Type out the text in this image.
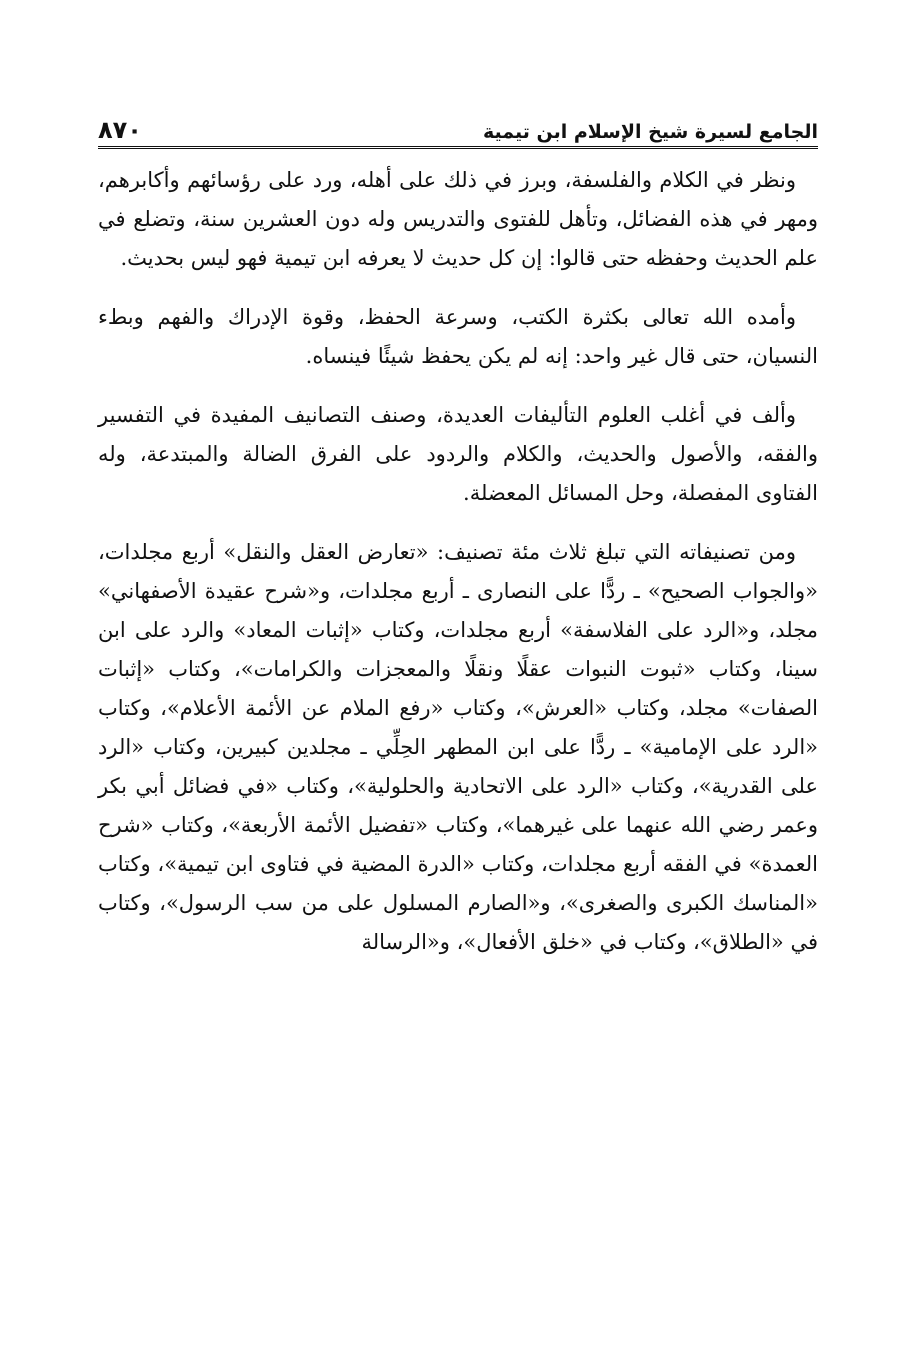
الجامع لسيرة شيخ الإسلام ابن تيمية
٨٧٠

ونظر في الكلام والفلسفة، وبرز في ذلك على أهله، ورد على رؤسائهم وأكابرهم، ومهر في هذه الفضائل، وتأهل للفتوى والتدريس وله دون العشرين سنة، وتضلع في علم الحديث وحفظه حتى قالوا: إن كل حديث لا يعرفه ابن تيمية فهو ليس بحديث.

وأمده الله تعالى بكثرة الكتب، وسرعة الحفظ، وقوة الإدراك والفهم وبطء النسيان، حتى قال غير واحد: إنه لم يكن يحفظ شيئًا فينساه.

وألف في أغلب العلوم التأليفات العديدة، وصنف التصانيف المفيدة في التفسير والفقه، والأصول والحديث، والكلام والردود على الفرق الضالة والمبتدعة، وله الفتاوى المفصلة، وحل المسائل المعضلة.

ومن تصنيفاته التي تبلغ ثلاث مئة تصنيف: «تعارض العقل والنقل» أربع مجلدات، «والجواب الصحيح» ـ ردًّا على النصارى ـ أربع مجلدات، و«شرح عقيدة الأصفهاني» مجلد، و«الرد على الفلاسفة» أربع مجلدات، وكتاب «إثبات المعاد» والرد على ابن سينا، وكتاب «ثبوت النبوات عقلًا ونقلًا والمعجزات والكرامات»، وكتاب «إثبات الصفات» مجلد، وكتاب «العرش»، وكتاب «رفع الملام عن الأئمة الأعلام»، وكتاب «الرد على الإمامية» ـ ردًّا على ابن المطهر الحِلِّي ـ مجلدين كبيرين، وكتاب «الرد على القدرية»، وكتاب «الرد على الاتحادية والحلولية»، وكتاب «في فضائل أبي بكر وعمر رضي الله عنهما على غيرهما»، وكتاب «تفضيل الأئمة الأربعة»، وكتاب «شرح العمدة» في الفقه أربع مجلدات، وكتاب «الدرة المضية في فتاوى ابن تيمية»، وكتاب «المناسك الكبرى والصغرى»، و«الصارم المسلول على من سب الرسول»، وكتاب في «الطلاق»، وكتاب في «خلق الأفعال»، و«الرسالة
